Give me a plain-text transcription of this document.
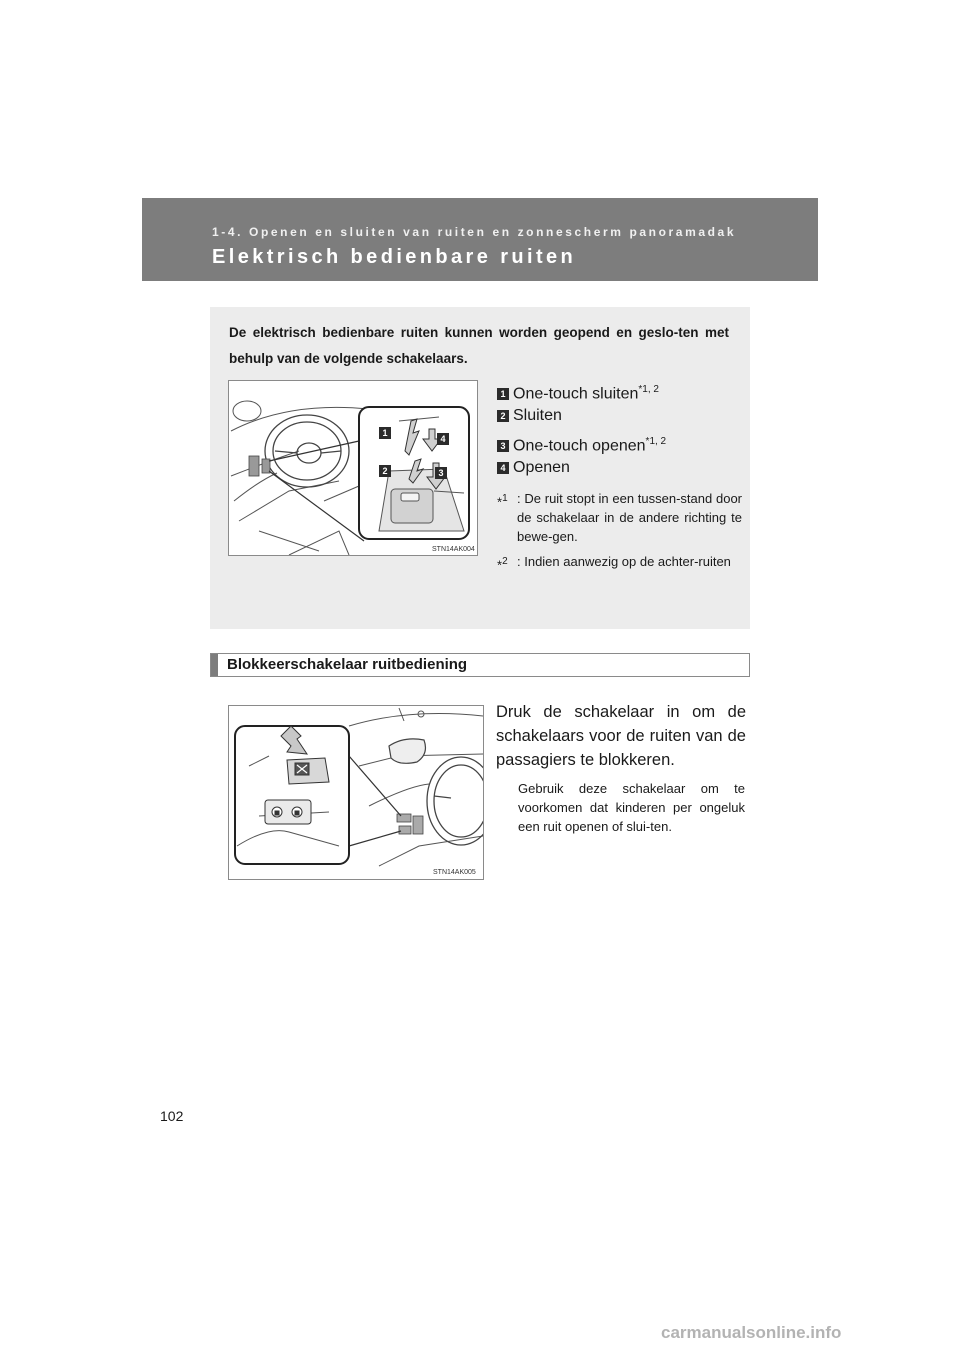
1-4. Openen en sluiten van ruiten en zonnescherm panoramadak
Elektrisch bedienbare ruiten
De elektrisch bedienbare ruiten kunnen worden geopend en geslo-ten met behulp van de volgende schakelaars.
1
4
2	3
STN14AK004
1 One-touch sluiten$^{*1, 2}$
2 Sluiten
3 One-touch openen$^{*1, 2}$
4 Openen
*$^1$ : De ruit stopt in een tussen-stand door de schakelaar in de andere richting te bewe-gen.
*$^2$ : Indien aanwezig op de achter-ruiten
Blokkeerschakelaar ruitbediening
STN14AK005
Druk de schakelaar in om de schakelaars voor de ruiten van de passagiers te blokkeren.
Gebruik deze schakelaar om te voorkomen dat kinderen per ongeluk een ruit openen of slui-ten.
102
carmanualsonline.info
